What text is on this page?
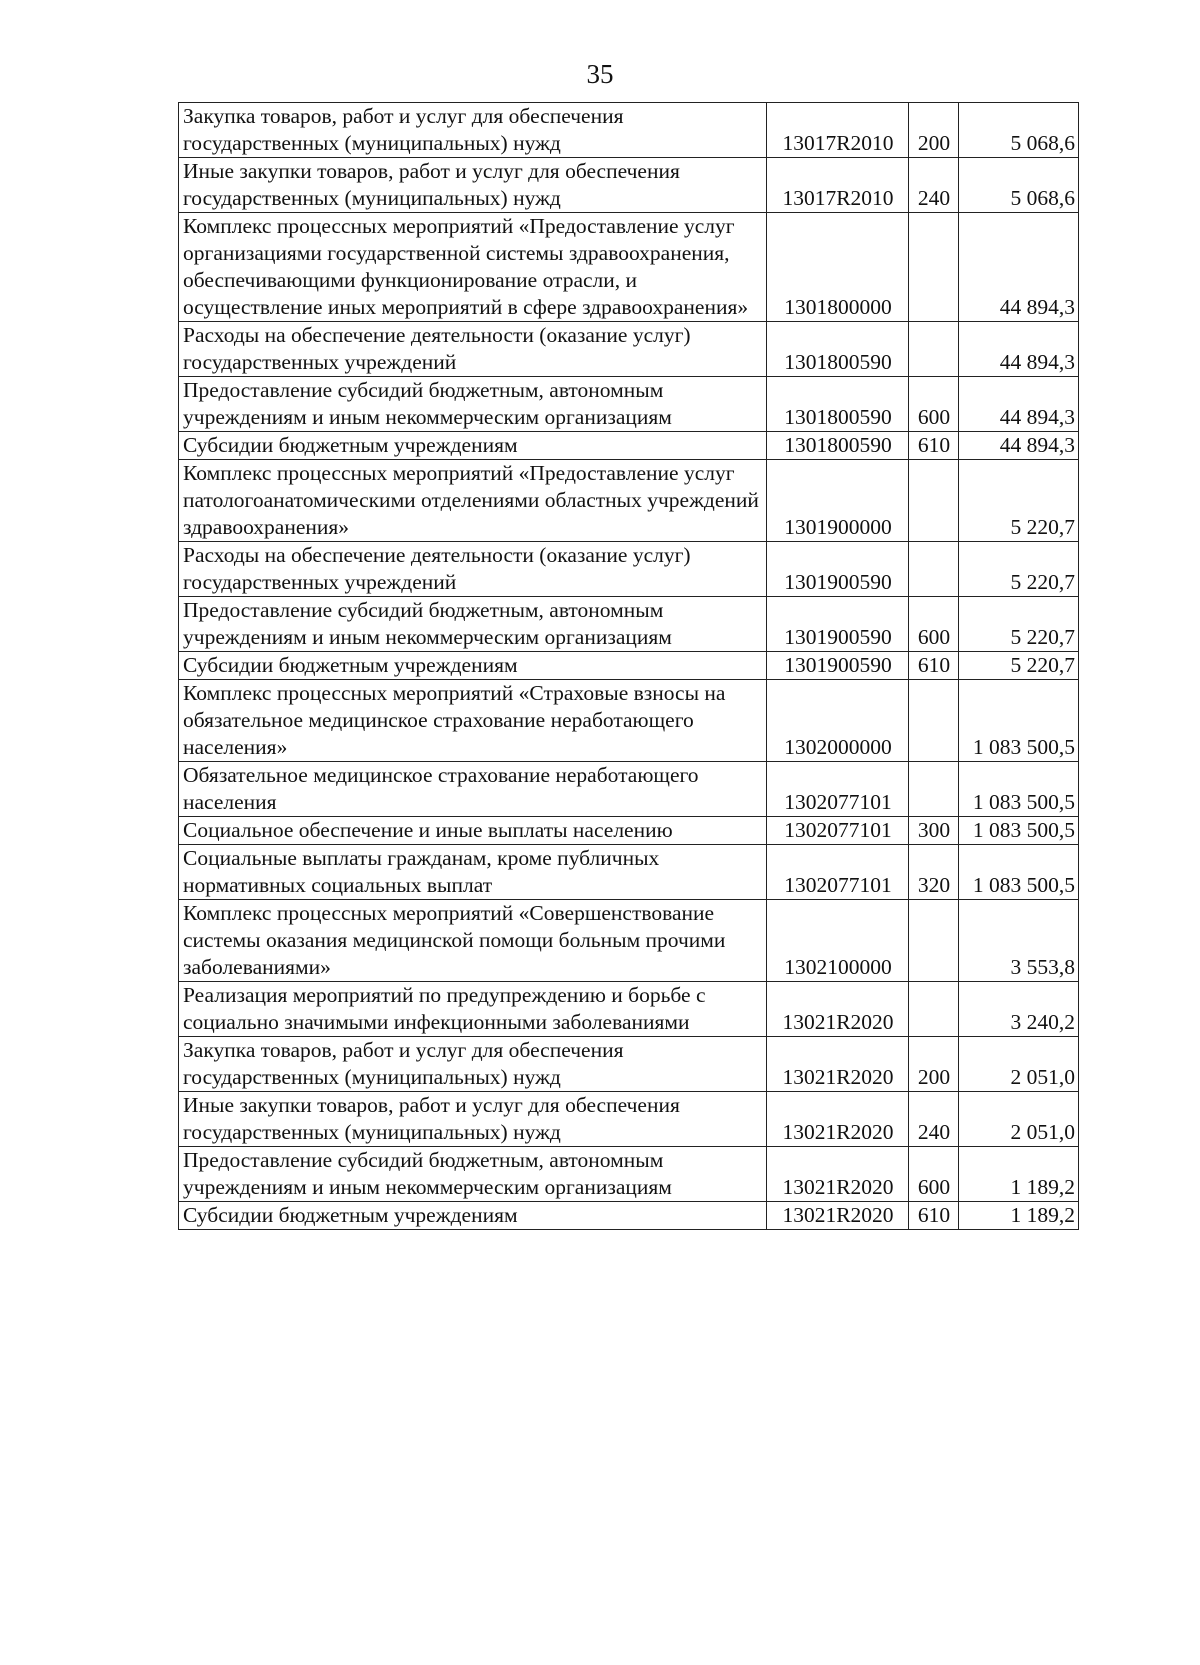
35
Закупка товаров, работ и услуг для обеспечения государственных (муниципальных) нужд	13017R2010	200	5 068,6
Иные закупки товаров, работ и услуг для обеспечения государственных (муниципальных) нужд	13017R2010	240	5 068,6
Комплекс процессных мероприятий «Предоставление услуг организациями государственной системы здравоохранения, обеспечивающими функционирование отрасли, и осуществление иных мероприятий в сфере здравоохранения»	1301800000		44 894,3
Расходы на обеспечение деятельности (оказание услуг) государственных учреждений	1301800590		44 894,3
Предоставление субсидий бюджетным, автономным учреждениям и иным некоммерческим организациям	1301800590	600	44 894,3
Субсидии бюджетным учреждениям	1301800590	610	44 894,3
Комплекс процессных мероприятий «Предоставление услуг патологоанатомическими отделениями областных учреждений здравоохранения»	1301900000		5 220,7
Расходы на обеспечение деятельности (оказание услуг) государственных учреждений	1301900590		5 220,7
Предоставление субсидий бюджетным, автономным учреждениям и иным некоммерческим организациям	1301900590	600	5 220,7
Субсидии бюджетным учреждениям	1301900590	610	5 220,7
Комплекс процессных мероприятий «Страховые взносы на обязательное медицинское страхование неработающего населения»	1302000000		1 083 500,5
Обязательное медицинское страхование неработающего населения	1302077101		1 083 500,5
Социальное обеспечение и иные выплаты населению	1302077101	300	1 083 500,5
Социальные выплаты гражданам, кроме публичных нормативных социальных выплат	1302077101	320	1 083 500,5
Комплекс процессных мероприятий «Совершенствование системы оказания медицинской помощи больным прочими заболеваниями»	1302100000		3 553,8
Реализация мероприятий по предупреждению и борьбе с социально значимыми инфекционными заболеваниями	13021R2020		3 240,2
Закупка товаров, работ и услуг для обеспечения государственных (муниципальных) нужд	13021R2020	200	2 051,0
Иные закупки товаров, работ и услуг для обеспечения государственных (муниципальных) нужд	13021R2020	240	2 051,0
Предоставление субсидий бюджетным, автономным учреждениям и иным некоммерческим организациям	13021R2020	600	1 189,2
Субсидии бюджетным учреждениям	13021R2020	610	1 189,2
